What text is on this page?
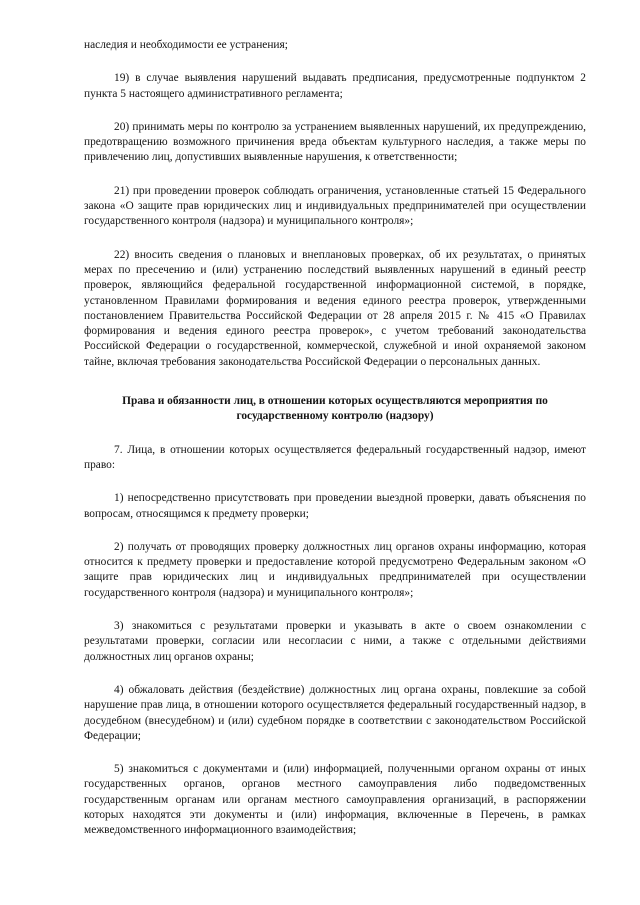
наследия и необходимости ее устранения;

19) в случае выявления нарушений выдавать предписания, предусмотренные подпунктом 2 пункта 5 настоящего административного регламента;

20) принимать меры по контролю за устранением выявленных нарушений, их предупреждению, предотвращению возможного причинения вреда объектам культурного наследия, а также меры по привлечению лиц, допустивших выявленные нарушения, к ответственности;

21) при проведении проверок соблюдать ограничения, установленные статьей 15 Федерального закона «О защите прав юридических лиц и индивидуальных предпринимателей при осуществлении государственного контроля (надзора) и муниципального контроля»;

22) вносить сведения о плановых и внеплановых проверках, об их результатах, о принятых мерах по пресечению и (или) устранению последствий выявленных нарушений в единый реестр проверок, являющийся федеральной государственной информационной системой, в порядке, установленном Правилами формирования и ведения единого реестра проверок, утвержденными постановлением Правительства Российской Федерации от 28 апреля 2015 г. № 415 «О Правилах формирования и ведения единого реестра проверок», с учетом требований законодательства Российской Федерации о государственной, коммерческой, служебной и иной охраняемой законом тайне, включая требования законодательства Российской Федерации о персональных данных.

Права и обязанности лиц, в отношении которых осуществляются мероприятия по государственному контролю (надзору)

7. Лица, в отношении которых осуществляется федеральный государственный надзор, имеют право:

1) непосредственно присутствовать при проведении выездной проверки, давать объяснения по вопросам, относящимся к предмету проверки;

2) получать от проводящих проверку должностных лиц органов охраны информацию, которая относится к предмету проверки и предоставление которой предусмотрено Федеральным законом «О защите прав юридических лиц и индивидуальных предпринимателей при осуществлении государственного контроля (надзора) и муниципального контроля»;

3) знакомиться с результатами проверки и указывать в акте о своем ознакомлении с результатами проверки, согласии или несогласии с ними, а также с отдельными действиями должностных лиц органов охраны;

4) обжаловать действия (бездействие) должностных лиц органа охраны, повлекшие за собой нарушение прав лица, в отношении которого осуществляется федеральный государственный надзор, в досудебном (внесудебном) и (или) судебном порядке в соответствии с законодательством Российской Федерации;

5) знакомиться с документами и (или) информацией, полученными органом охраны от иных государственных органов, органов местного самоуправления либо подведомственных государственным органам или органам местного самоуправления организаций, в распоряжении которых находятся эти документы и (или) информация, включенные в Перечень, в рамках межведомственного информационного взаимодействия;
